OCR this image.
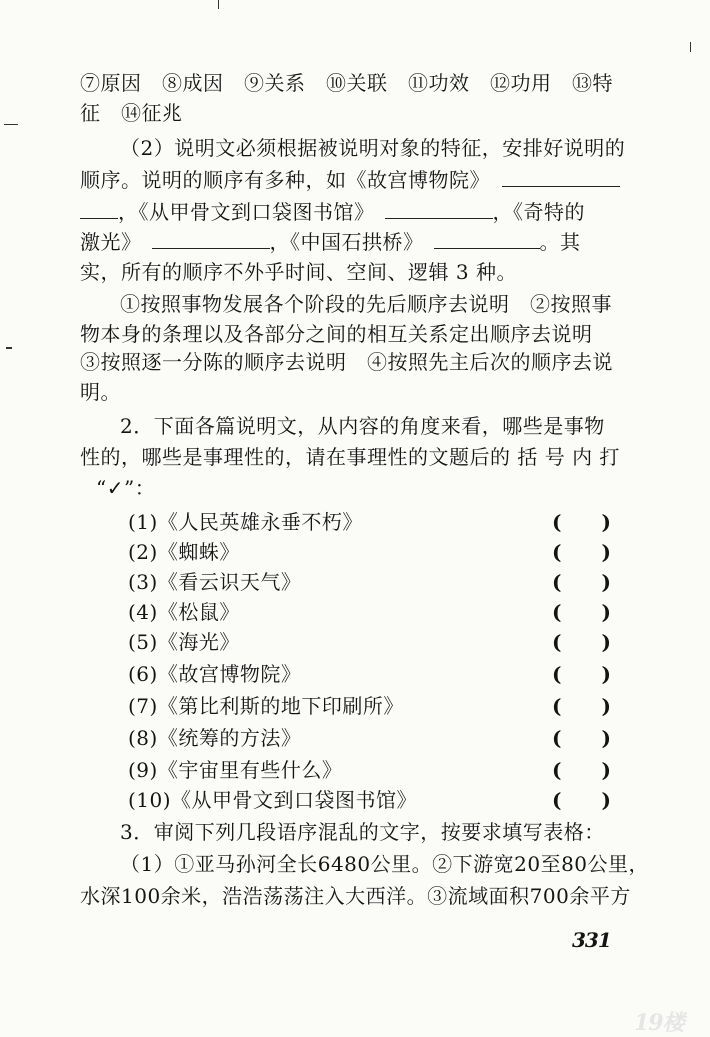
⑦原因　⑧成因　⑨关系　⑩关联　⑪功效　⑫功用　⑬特
征　⑭征兆
（2）说明文必须根据被说明对象的特征，安排好说明的
顺序。说明的顺序有多种，如《故宫博物院》
，《从甲骨文到口袋图书馆》	，《奇特的
激光》	，《中国石拱桥》	。其
实，所有的顺序不外乎时间、空间、逻辑 3 种。
①按照事物发展各个阶段的先后顺序去说明　②按照事
物本身的条理以及各部分之间的相互关系定出顺序去说明
③按照逐一分陈的顺序去说明　④按照先主后次的顺序去说
明。
2．下面各篇说明文，从内容的角度来看，哪些是事物
性的，哪些是事理性的，请在事理性的文题后的 括 号 内 打
“✓”：
(1)《人民英雄永垂不朽》	(　　)
(2)《蜘蛛》	(　　)
(3)《看云识天气》	(　　)
(4)《松鼠》	(　　)
(5)《海光》	(　　)
(6)《故宫博物院》	(　　)
(7)《第比利斯的地下印刷所》	(　　)
(8)《统筹的方法》	(　　)
(9)《宇宙里有些什么》	(　　)
(10)《从甲骨文到口袋图书馆》	(　　)
3．审阅下列几段语序混乱的文字，按要求填写表格：
（1）①亚马孙河全长6480公里。②下游宽20至80公里，
水深100余米，浩浩荡荡注入大西洋。③流域面积700余平方
331
19楼
